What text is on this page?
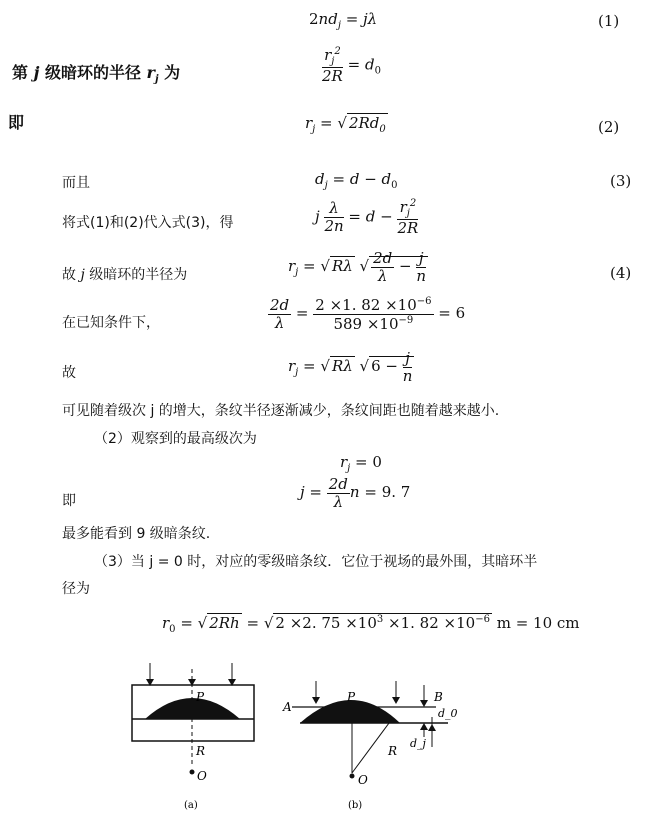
$2nd_j = j\lambda$	(1)
第 j 级暗环的半径 $r_j$ 为	$\frac{r_j^2}{2R} = d_0$
即	$r_j$ = √ $2Rd_0$	(2)
而且	$d_j = d - d_0$	(3)
将式(1)和(2)代入式(3)，得	j $\frac{\lambda}{2n} = d - \frac{r_j^2}{2R}$
故 j 级暗环的半径为	$r_j$ = √ Rλ √ $\frac{2d}{\lambda} - \frac{j}{n}$	(4)
在已知条件下，	$\frac{2d}{\lambda} = \frac{2 \times 1. 82 \times 10^{-6}}{589 \times 10^{-9}} = 6$
故	$r_j$ = √ Rλ √ $6 - \frac{j}{n}$
可见随着级次 j 的增大，条纹半径逐渐减少，条纹间距也随着越来越小.
（2）观察到的最高级次为
$r_j = 0$
即	$j = \frac{2d}{\lambda}$ n = 9. 7
最多能看到 9 级暗条纹.
（3）当 j = 0 时，对应的零级暗条纹．它位于视场的最外围，其暗环半
径为
$r_0$ = √ 2Rh = √ 2 ×2. $75 \times 10^3 \times 1$. $82 \times 10^{-6}$ m = 10 cm
P
R
O
(a)
A
P	B
d_0
d_j
R
O
(b)
